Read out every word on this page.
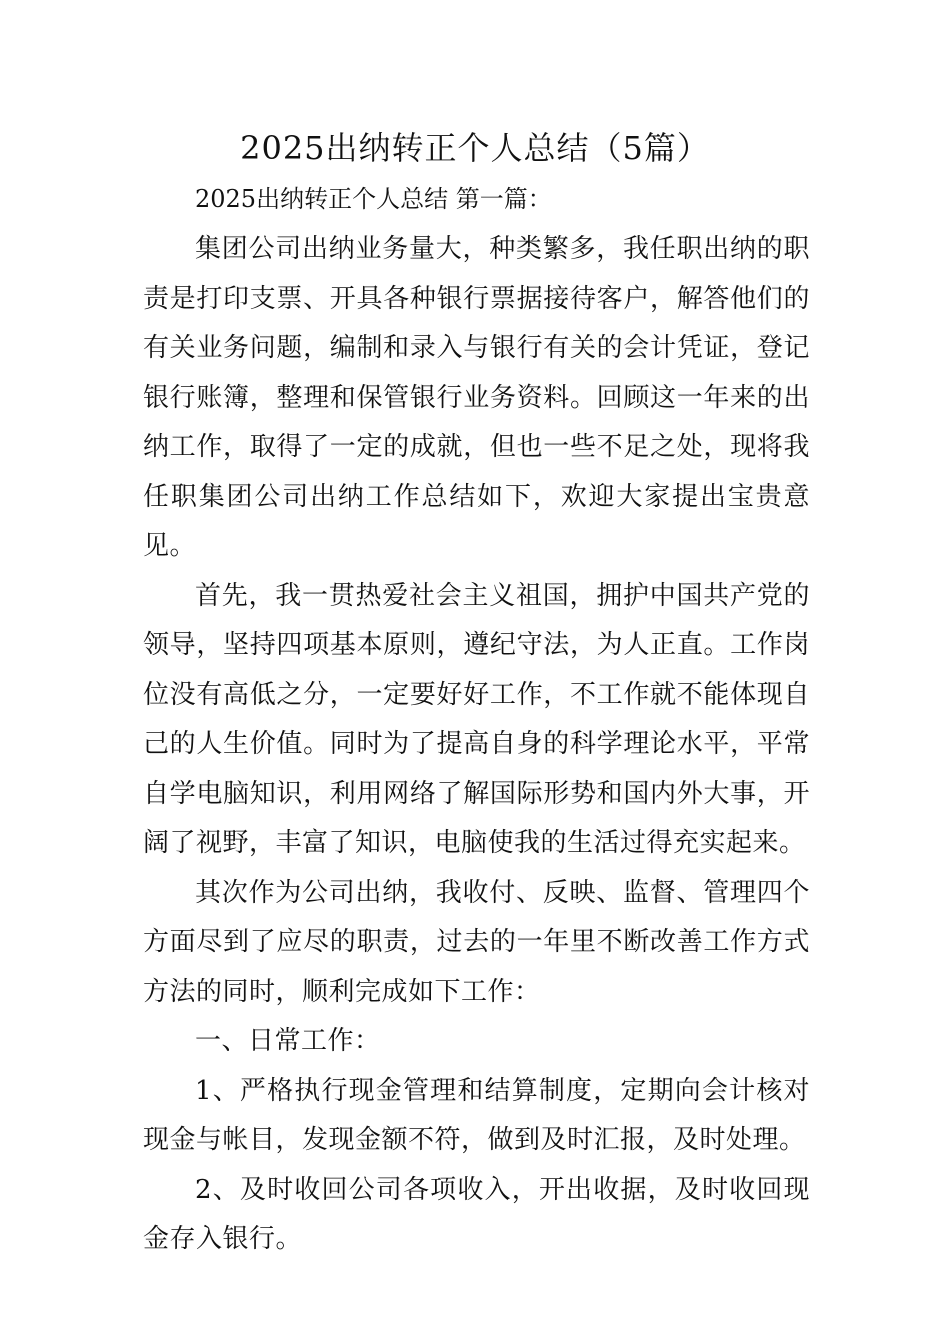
2025出纳转正个人总结（5篇）
2025出纳转正个人总结 第一篇：

集团公司出纳业务量大，种类繁多，我任职出纳的职责是打印支票、开具各种银行票据接待客户，解答他们的有关业务问题，编制和录入与银行有关的会计凭证，登记银行账簿，整理和保管银行业务资料。回顾这一年来的出纳工作，取得了一定的成就，但也一些不足之处，现将我任职集团公司出纳工作总结如下，欢迎大家提出宝贵意见。

首先，我一贯热爱社会主义祖国，拥护中国共产党的领导，坚持四项基本原则，遵纪守法，为人正直。工作岗位没有高低之分，一定要好好工作，不工作就不能体现自己的人生价值。同时为了提高自身的科学理论水平，平常自学电脑知识，利用网络了解国际形势和国内外大事，开阔了视野，丰富了知识，电脑使我的生活过得充实起来。

其次作为公司出纳，我收付、反映、监督、管理四个方面尽到了应尽的职责，过去的一年里不断改善工作方式方法的同时，顺利完成如下工作：

一、日常工作：

1、严格执行现金管理和结算制度，定期向会计核对现金与帐目，发现金额不符，做到及时汇报，及时处理。

2、及时收回公司各项收入，开出收据，及时收回现金存入银行。
